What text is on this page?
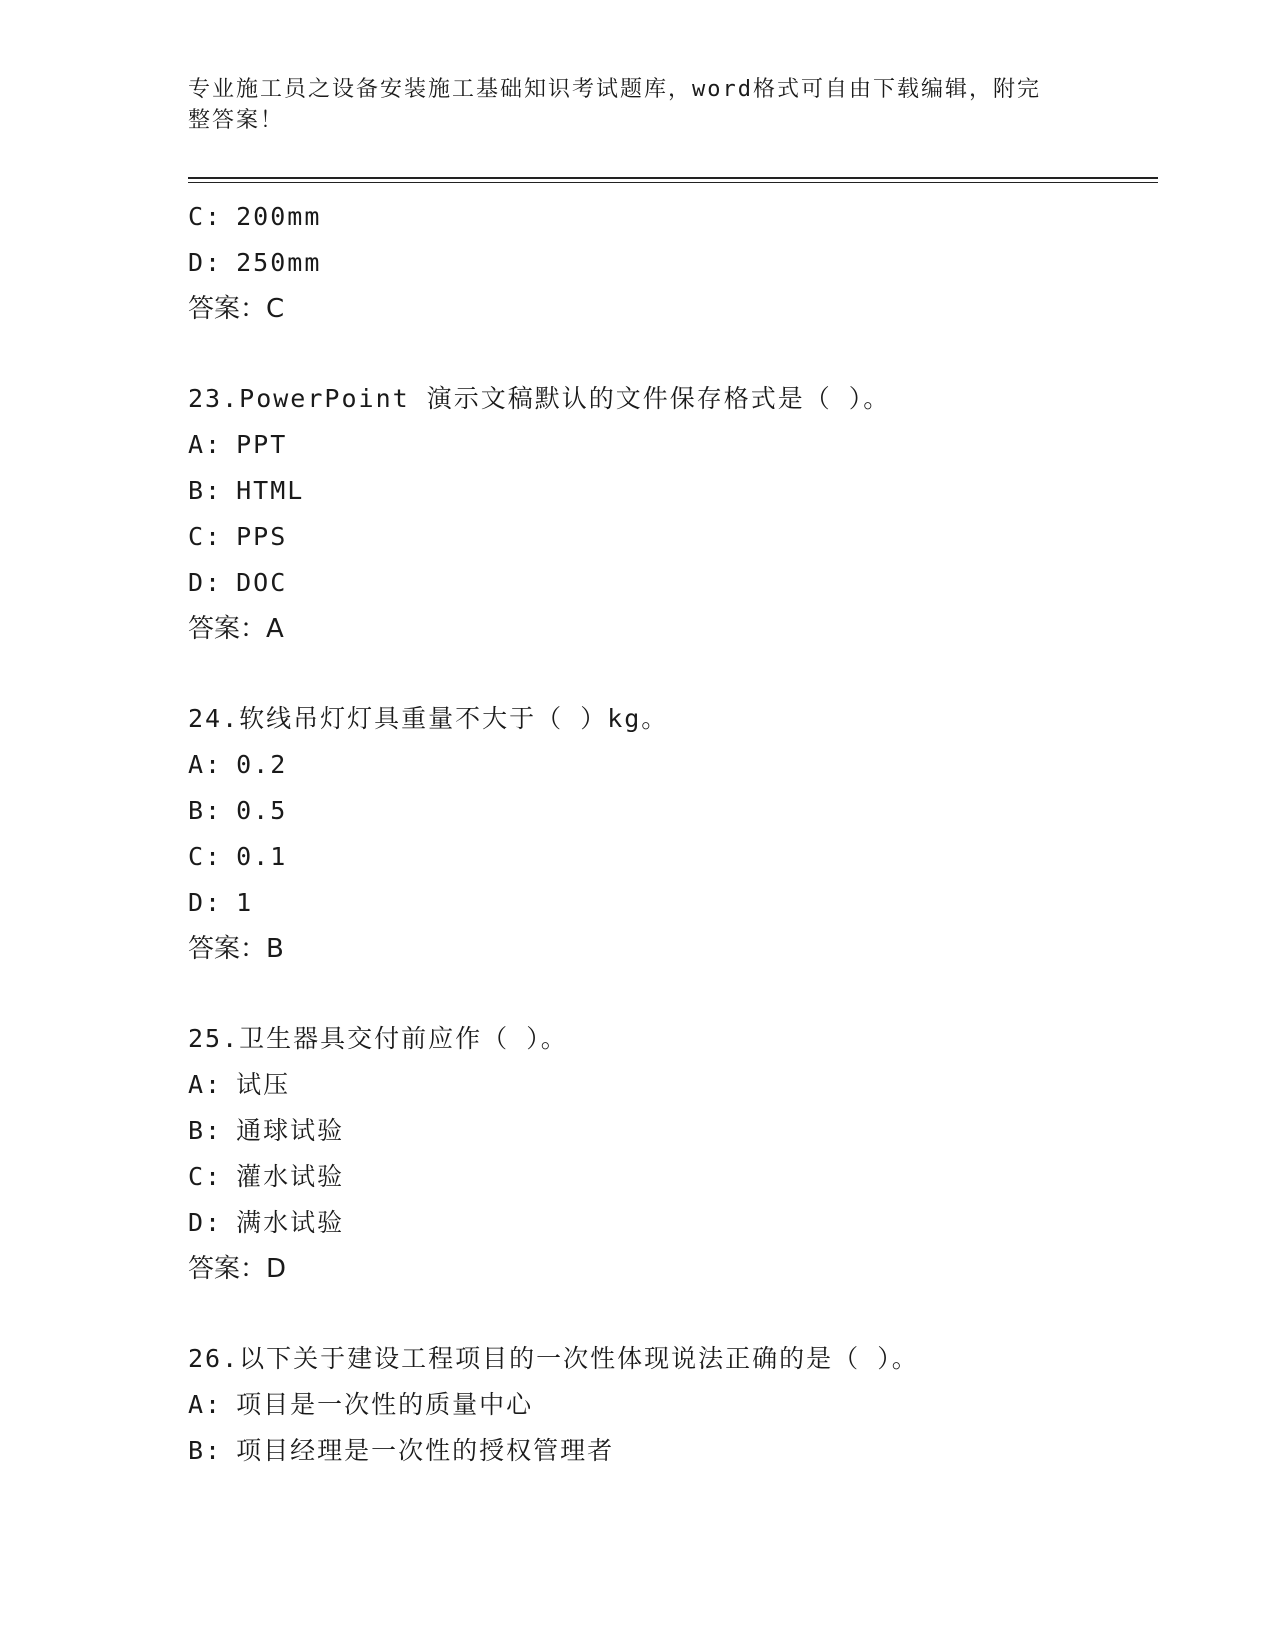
专业施工员之设备安装施工基础知识考试题库，word格式可自由下载编辑，附完
整答案！
C: 200mm
D: 250mm
答案：C
23.PowerPoint 演示文稿默认的文件保存格式是（ ）。
A: PPT
B: HTML
C: PPS
D: DOC
答案：A
24.软线吊灯灯具重量不大于（ ）kg。
A: 0.2
B: 0.5
C: 0.1
D: 1
答案：B
25.卫生器具交付前应作（ ）。
A: 试压
B: 通球试验
C: 灌水试验
D: 满水试验
答案：D
26.以下关于建设工程项目的一次性体现说法正确的是（ ）。
A: 项目是一次性的质量中心
B: 项目经理是一次性的授权管理者
